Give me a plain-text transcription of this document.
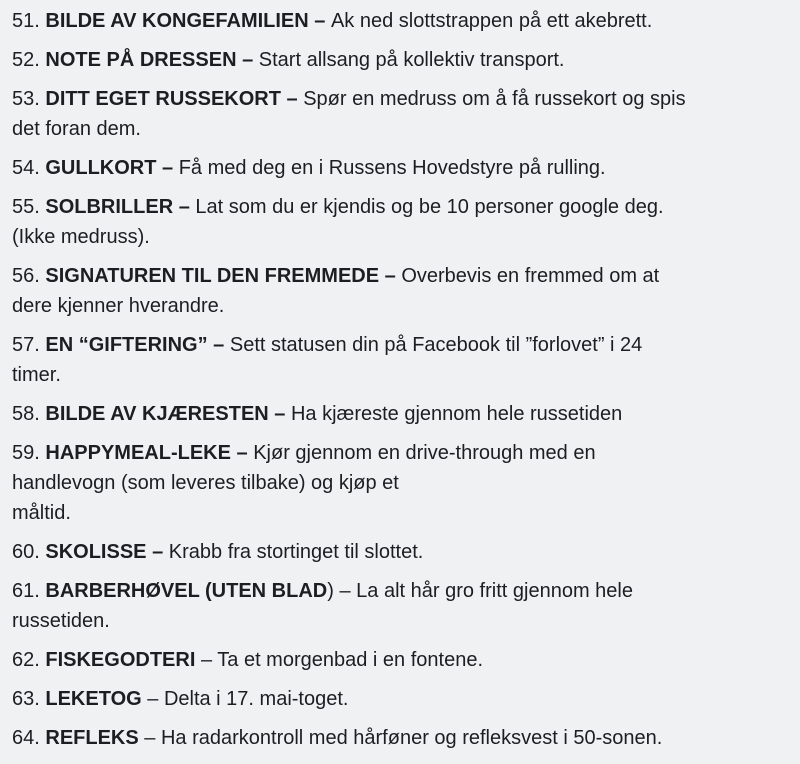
51. BILDE AV KONGEFAMILIEN – Ak ned slottstrappen på ett akebrett.
52. NOTE PÅ DRESSEN – Start allsang på kollektiv transport.
53. DITT EGET RUSSEKORT – Spør en medruss om å få russekort og spis
det foran dem.
54. GULLKORT – Få med deg en i Russens Hovedstyre på rulling.
55. SOLBRILLER – Lat som du er kjendis og be 10 personer google deg.
(Ikke medruss).
56. SIGNATUREN TIL DEN FREMMEDE – Overbevis en fremmed om at
dere kjenner hverandre.
57. EN “GIFTERING” – Sett statusen din på Facebook til ”forlovet” i 24
timer.
58. BILDE AV KJÆRESTEN – Ha kjæreste gjennom hele russetiden
59. HAPPYMEAL-LEKE – Kjør gjennom en drive-through med en
handlevogn (som leveres tilbake) og kjøp et
måltid.
60. SKOLISSE – Krabb fra stortinget til slottet.
61. BARBERHØVEL (UTEN BLAD) – La alt hår gro fritt gjennom hele
russetiden.
62. FISKEGODTERI – Ta et morgenbad i en fontene.
63. LEKETOG – Delta i 17. mai-toget.
64. REFLEKS – Ha radarkontroll med hårføner og refleksvest i 50-sonen.
